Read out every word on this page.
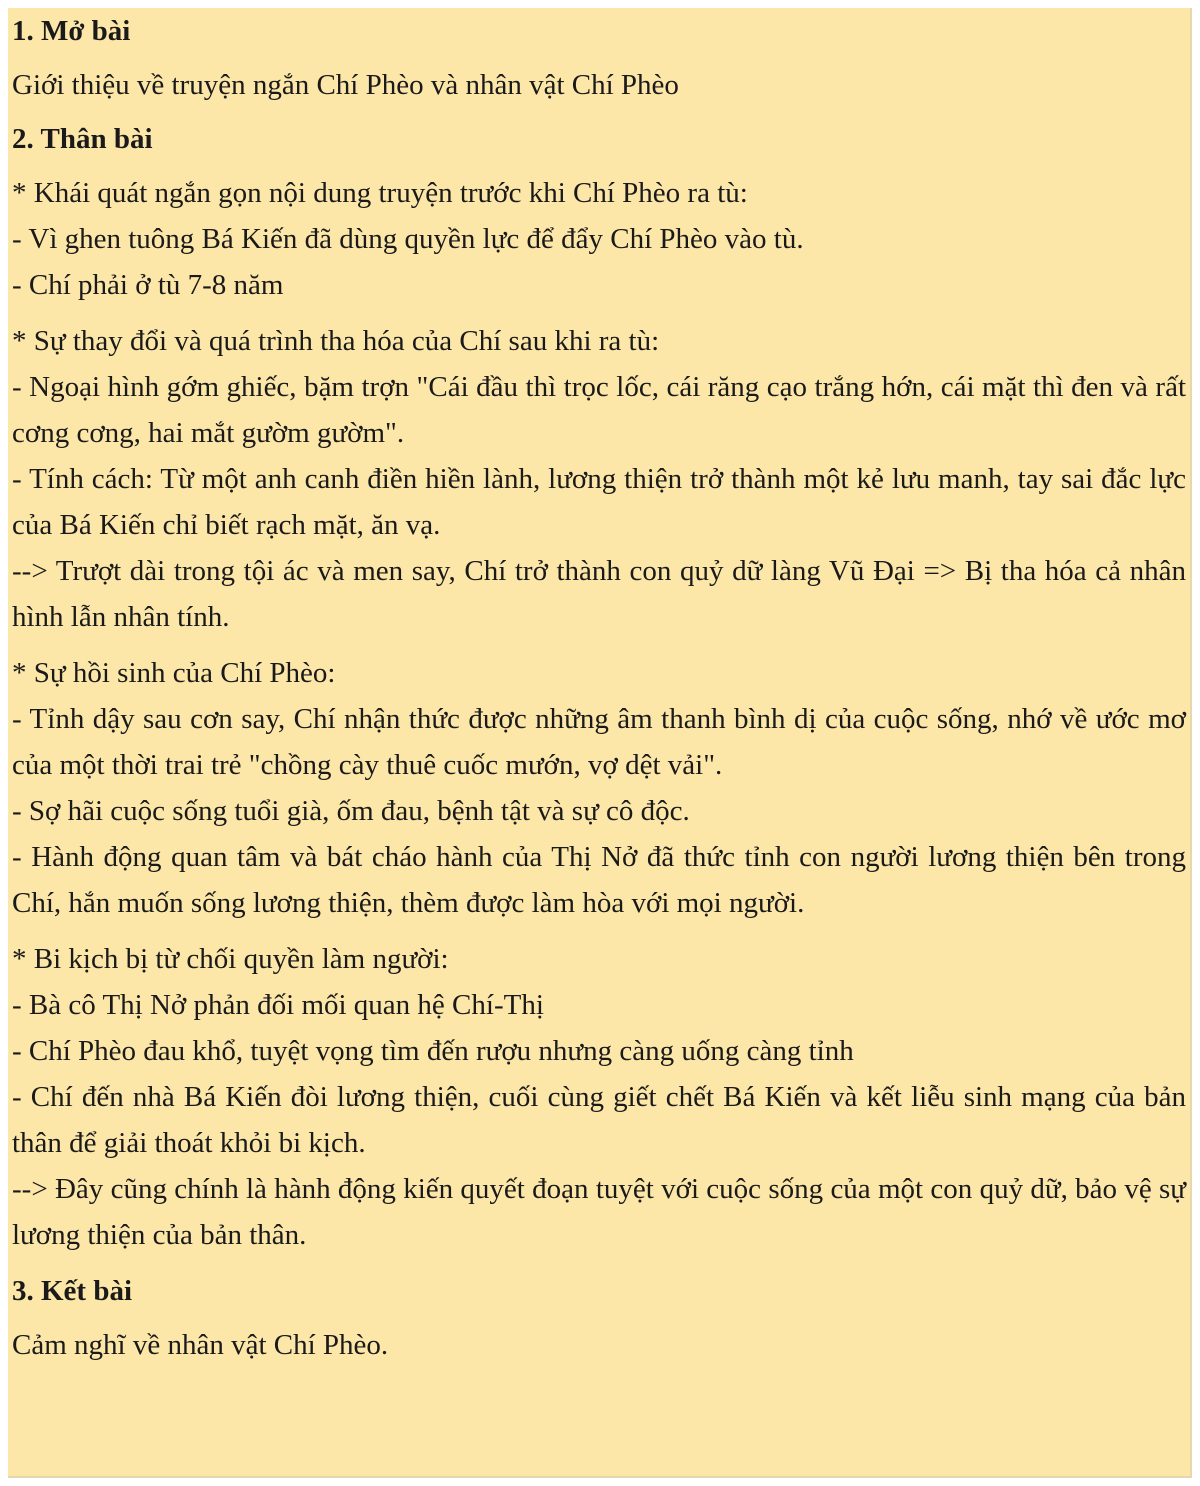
1. Mở bài

Giới thiệu về truyện ngắn Chí Phèo và nhân vật Chí Phèo

2. Thân bài

* Khái quát ngắn gọn nội dung truyện trước khi Chí Phèo ra tù:

- Vì ghen tuông Bá Kiến đã dùng quyền lực để đẩy Chí Phèo vào tù.

- Chí phải ở tù 7-8 năm

* Sự thay đổi và quá trình tha hóa của Chí sau khi ra tù:

- Ngoại hình gớm ghiếc, bặm trợn "Cái đầu thì trọc lốc, cái răng cạo trắng hớn, cái mặt thì đen và rất cơng cơng, hai mắt gườm gườm".

- Tính cách: Từ một anh canh điền hiền lành, lương thiện trở thành một kẻ lưu manh, tay sai đắc lực của Bá Kiến chỉ biết rạch mặt, ăn vạ.

--> Trượt dài trong tội ác và men say, Chí trở thành con quỷ dữ làng Vũ Đại => Bị tha hóa cả nhân hình lẫn nhân tính.

* Sự hồi sinh của Chí Phèo:

- Tỉnh dậy sau cơn say, Chí nhận thức được những âm thanh bình dị của cuộc sống, nhớ về ước mơ của một thời trai trẻ "chồng cày thuê cuốc mướn, vợ dệt vải".

- Sợ hãi cuộc sống tuổi già, ốm đau, bệnh tật và sự cô độc.

- Hành động quan tâm và bát cháo hành của Thị Nở đã thức tỉnh con người lương thiện bên trong Chí, hắn muốn sống lương thiện, thèm được làm hòa với mọi người.

* Bi kịch bị từ chối quyền làm người:

- Bà cô Thị Nở phản đối mối quan hệ Chí-Thị

- Chí Phèo đau khổ, tuyệt vọng tìm đến rượu nhưng càng uống càng tỉnh

- Chí đến nhà Bá Kiến đòi lương thiện, cuối cùng giết chết Bá Kiến và kết liễu sinh mạng của bản thân để giải thoát khỏi bi kịch.

--> Đây cũng chính là hành động kiến quyết đoạn tuyệt với cuộc sống của một con quỷ dữ, bảo vệ sự lương thiện của bản thân.

3. Kết bài

Cảm nghĩ về nhân vật Chí Phèo.
